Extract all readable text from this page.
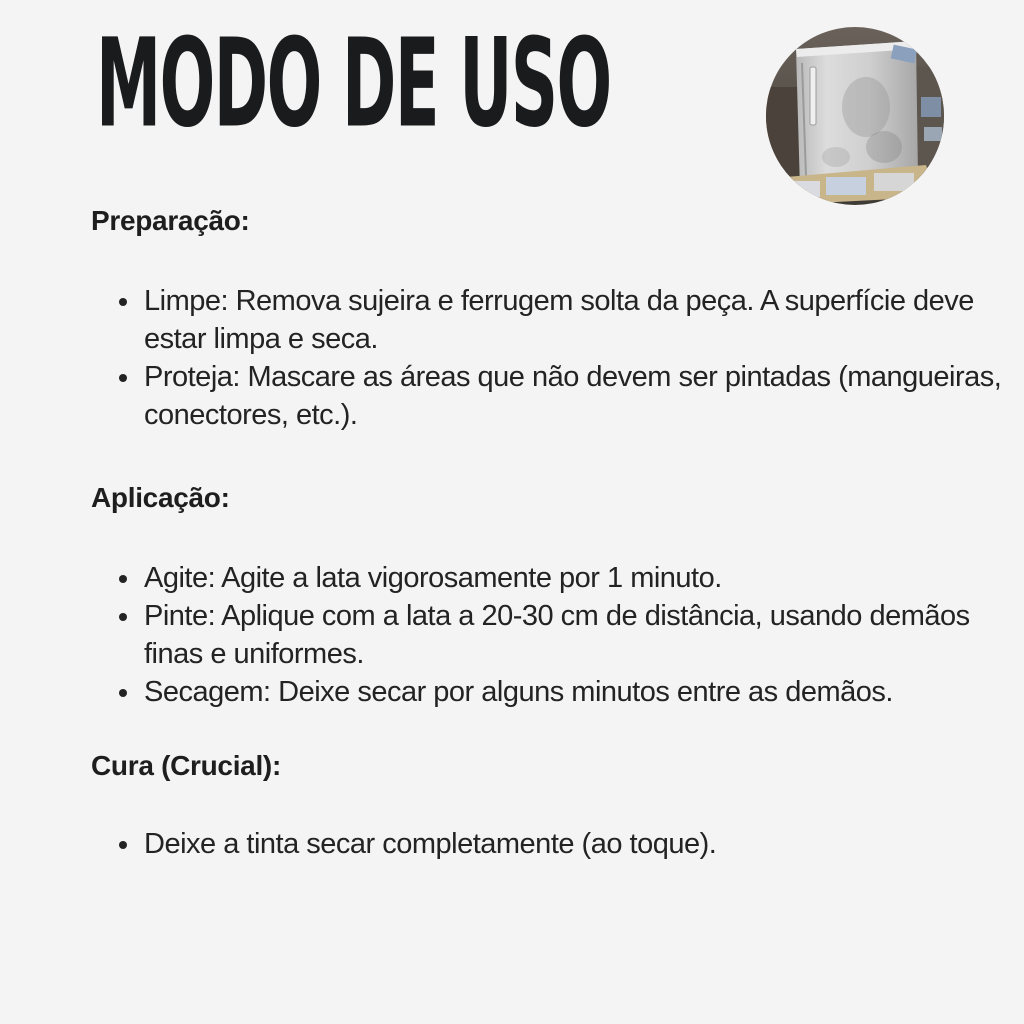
MODO DE USO
Preparação:
Limpe: Remova sujeira e ferrugem solta da peça. A superfície deve estar limpa e seca.
Proteja: Mascare as áreas que não devem ser pintadas (mangueiras, conectores, etc.).
Aplicação:
Agite: Agite a lata vigorosamente por 1 minuto.
Pinte: Aplique com a lata a 20-30 cm de distância, usando demãos finas e uniformes.
Secagem: Deixe secar por alguns minutos entre as demãos.
Cura (Crucial):
Deixe a tinta secar completamente (ao toque).
